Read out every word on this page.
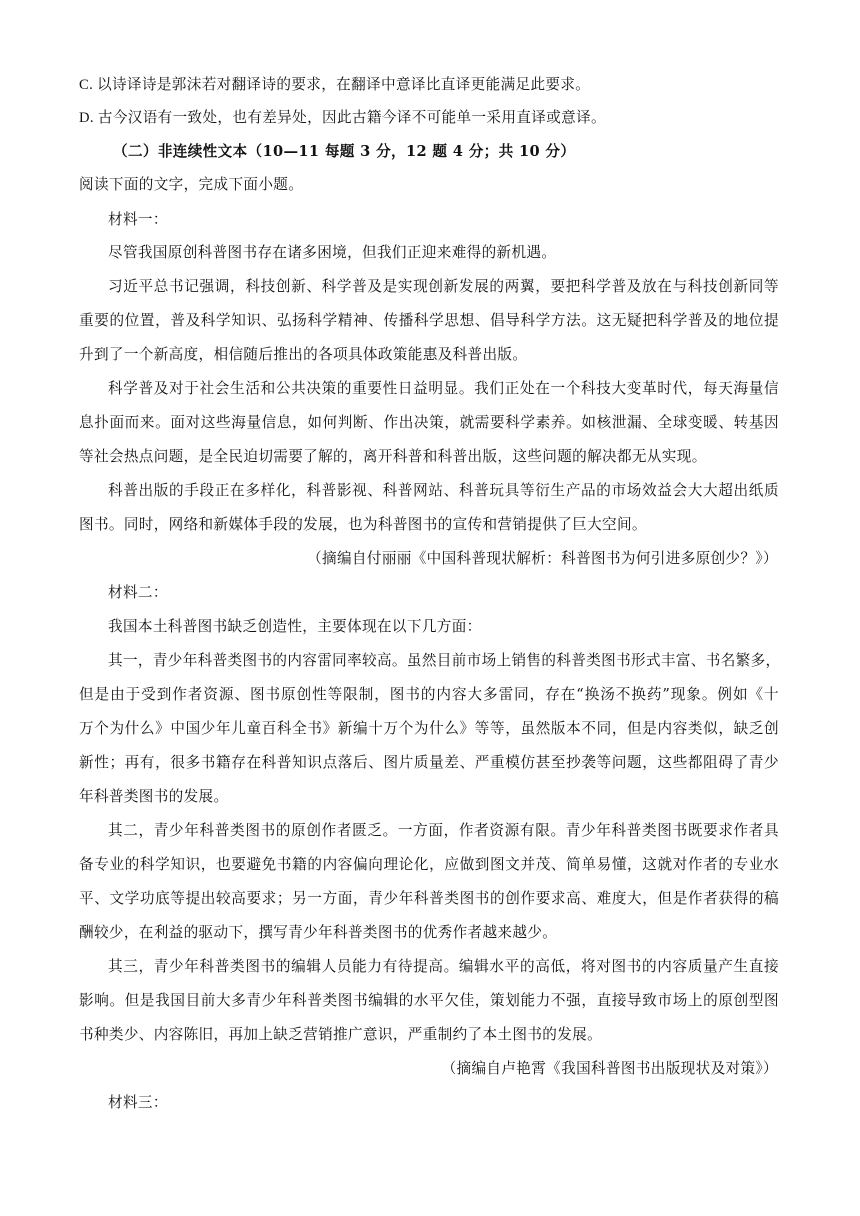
C. 以诗译诗是郭沫若对翻译诗的要求，在翻译中意译比直译更能满足此要求。
D. 古今汉语有一致处，也有差异处，因此古籍今译不可能单一采用直译或意译。
（二）非连续性文本（10—11 每题 3 分，12 题 4 分；共 10 分）
阅读下面的文字，完成下面小题。
材料一：
尽管我国原创科普图书存在诸多困境，但我们正迎来难得的新机遇。
习近平总书记强调，科技创新、科学普及是实现创新发展的两翼，要把科学普及放在与科技创新同等
重要的位置，普及科学知识、弘扬科学精神、传播科学思想、倡导科学方法。这无疑把科学普及的地位提
升到了一个新高度，相信随后推出的各项具体政策能惠及科普出版。
科学普及对于社会生活和公共决策的重要性日益明显。我们正处在一个科技大变革时代，每天海量信
息扑面而来。面对这些海量信息，如何判断、作出决策，就需要科学素养。如核泄漏、全球变暖、转基因
等社会热点问题，是全民迫切需要了解的，离开科普和科普出版，这些问题的解决都无从实现。
科普出版的手段正在多样化，科普影视、科普网站、科普玩具等衍生产品的市场效益会大大超出纸质
图书。同时，网络和新媒体手段的发展，也为科普图书的宣传和营销提供了巨大空间。
（摘编自付丽丽《中国科普现状解析：科普图书为何引进多原创少？》）
材料二：
我国本土科普图书缺乏创造性，主要体现在以下几方面：
其一，青少年科普类图书的内容雷同率较高。虽然目前市场上销售的科普类图书形式丰富、书名繁多，
但是由于受到作者资源、图书原创性等限制，图书的内容大多雷同，存在“换汤不换药”现象。例如《十
万个为什么》中国少年儿童百科全书》新编十万个为什么》等等，虽然版本不同，但是内容类似，缺乏创
新性；再有，很多书籍存在科普知识点落后、图片质量差、严重模仿甚至抄袭等问题，这些都阻碍了青少
年科普类图书的发展。
其二，青少年科普类图书的原创作者匮乏。一方面，作者资源有限。青少年科普类图书既要求作者具
备专业的科学知识，也要避免书籍的内容偏向理论化，应做到图文并茂、简单易懂，这就对作者的专业水
平、文学功底等提出较高要求；另一方面，青少年科普类图书的创作要求高、难度大，但是作者获得的稿
酬较少，在利益的驱动下，撰写青少年科普类图书的优秀作者越来越少。
其三，青少年科普类图书的编辑人员能力有待提高。编辑水平的高低，将对图书的内容质量产生直接
影响。但是我国目前大多青少年科普类图书编辑的水平欠佳，策划能力不强，直接导致市场上的原创型图
书种类少、内容陈旧，再加上缺乏营销推广意识，严重制约了本土图书的发展。
（摘编自卢艳霄《我国科普图书出版现状及对策》）
材料三：
